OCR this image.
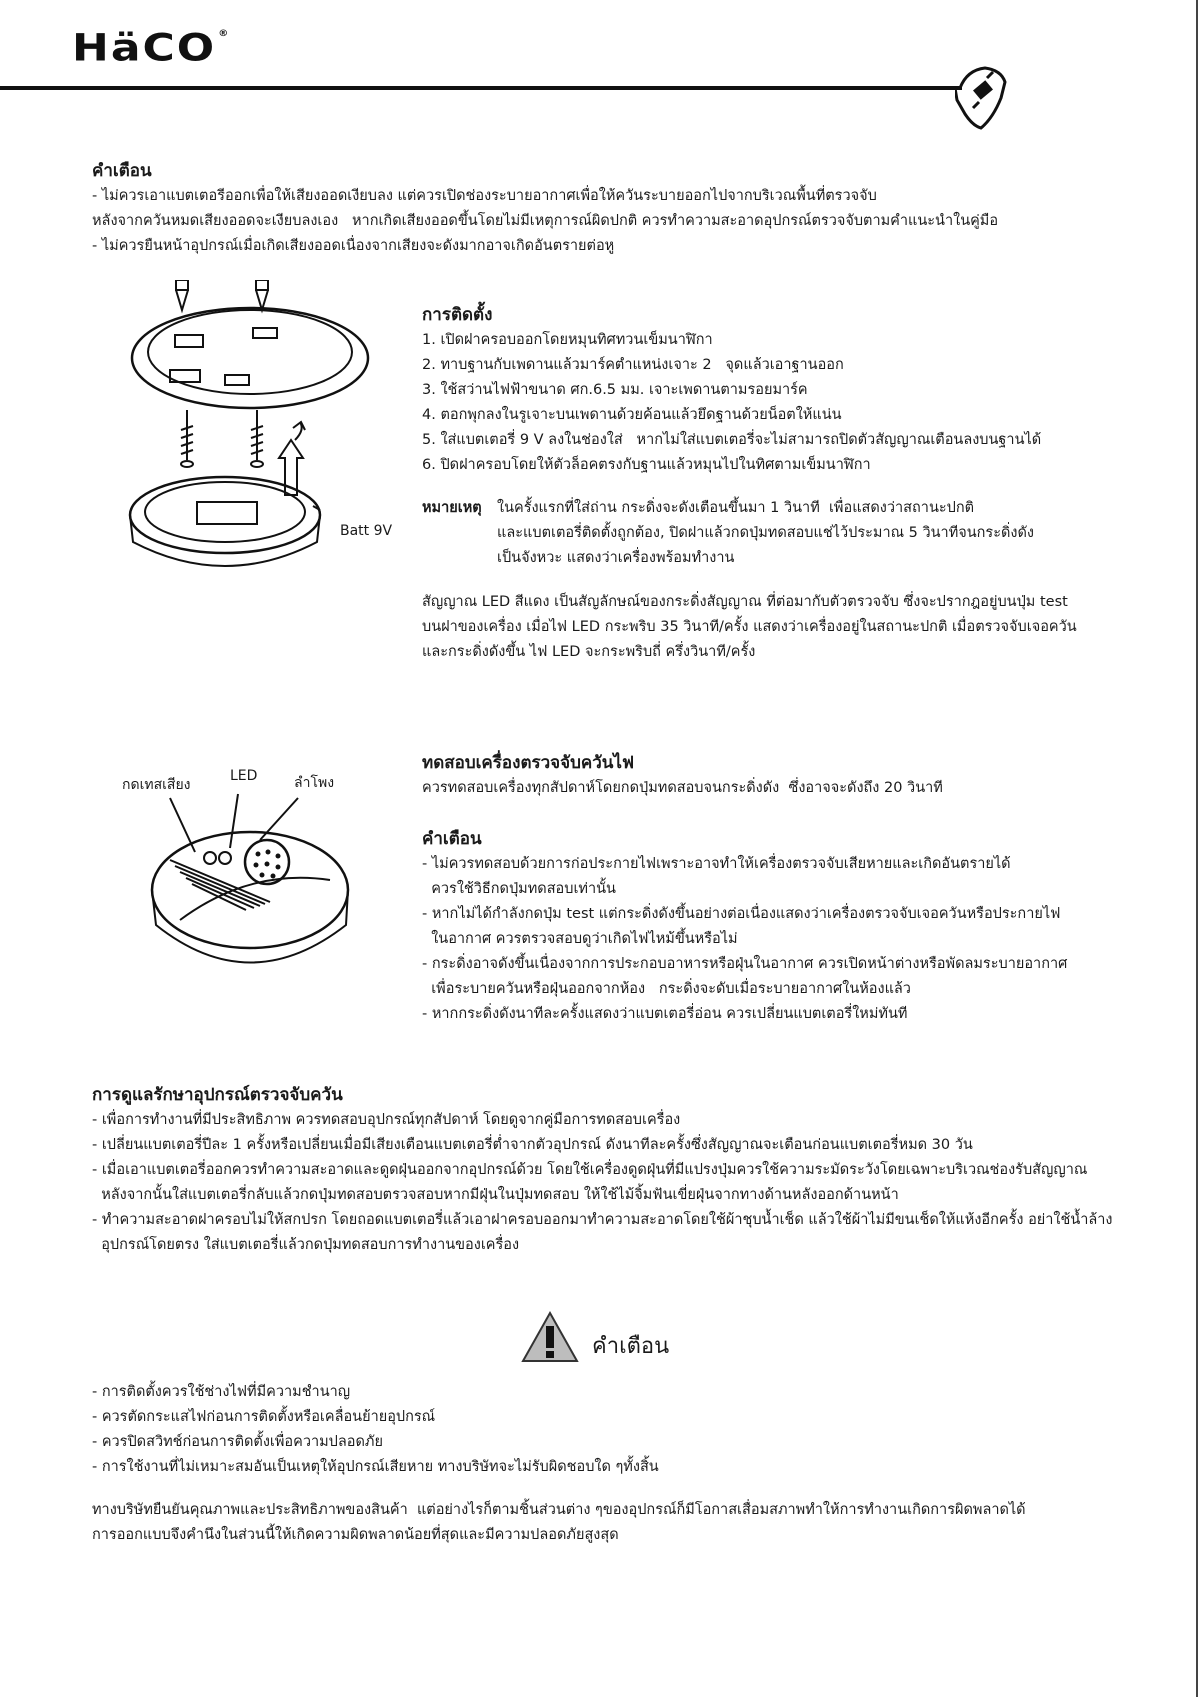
HäCO ®
คำเตือน
- ไม่ควรเอาแบตเตอรีออกเพื่อให้เสียงออดเงียบลง แต่ควรเปิดช่องระบายอากาศเพื่อให้ควันระบายออกไปจากบริเวณพื้นที่ตรวจจับ
หลังจากควันหมดเสียงออดจะเงียบลงเอง   หากเกิดเสียงออดขึ้นโดยไม่มีเหตุการณ์ผิดปกติ ควรทำความสะอาดอุปกรณ์ตรวจจับตามคำแนะนำในคู่มือ
- ไม่ควรยืนหน้าอุปกรณ์เมื่อเกิดเสียงออดเนื่องจากเสียงจะดังมากอาจเกิดอันตรายต่อหู
Batt 9V
การติดตั้ง
1. เปิดฝาครอบออกโดยหมุนทิศทวนเข็มนาฬิกา
2. ทาบฐานกับเพดานแล้วมาร์คตำแหน่งเจาะ 2   จุดแล้วเอาฐานออก
3. ใช้สว่านไฟฟ้าขนาด ศก.6.5 มม. เจาะเพดานตามรอยมาร์ค
4. ตอกพุกลงในรูเจาะบนเพดานด้วยค้อนแล้วยึดฐานด้วยน็อตให้แน่น
5. ใส่แบตเตอรี่ 9 V ลงในช่องใส่   หากไม่ใส่แบตเตอรี่จะไม่สามารถปิดตัวสัญญาณเตือนลงบนฐานได้
6. ปิดฝาครอบโดยให้ตัวล็อคตรงกับฐานแล้วหมุนไปในทิศตามเข็มนาฬิกา
หมายเหตุ ในครั้งแรกที่ใส่ถ่าน กระดิ่งจะดังเตือนขึ้นมา 1 วินาที  เพื่อแสดงว่าสถานะปกติ
และแบตเตอรี่ติดตั้งถูกต้อง, ปิดฝาแล้วกดปุ่มทดสอบแช่ไว้ประมาณ 5 วินาทีจนกระดิ่งดัง
เป็นจังหวะ แสดงว่าเครื่องพร้อมทำงาน
สัญญาณ LED สีแดง เป็นสัญลักษณ์ของกระดิ่งสัญญาณ ที่ต่อมากับตัวตรวจจับ ซึ่งจะปรากฎอยู่บนปุ่ม test
บนฝาของเครื่อง เมื่อไฟ LED กระพริบ 35 วินาที/ครั้ง แสดงว่าเครื่องอยู่ในสถานะปกติ เมื่อตรวจจับเจอควัน
และกระดิ่งดังขึ้น ไฟ LED จะกระพริบถี่ ครึ่งวินาที/ครั้ง
กดเทสเสียง
LED	ลำโพง
ทดสอบเครื่องตรวจจับควันไฟ
ควรทดสอบเครื่องทุกสัปดาห์โดยกดปุ่มทดสอบจนกระดิ่งดัง  ซึ่งอาจจะดังถึง 20 วินาที
คำเตือน
- ไม่ควรทดสอบด้วยการก่อประกายไฟเพราะอาจทำให้เครื่องตรวจจับเสียหายและเกิดอันตรายได้
ควรใช้วิธีกดปุ่มทดสอบเท่านั้น
- หากไม่ได้กำลังกดปุ่ม test แต่กระดิ่งดังขึ้นอย่างต่อเนื่องแสดงว่าเครื่องตรวจจับเจอควันหรือประกายไฟ
ในอากาศ ควรตรวจสอบดูว่าเกิดไฟไหม้ขึ้นหรือไม่
- กระดิ่งอาจดังขึ้นเนื่องจากการประกอบอาหารหรือฝุ่นในอากาศ ควรเปิดหน้าต่างหรือพัดลมระบายอากาศ
เพื่อระบายควันหรือฝุ่นออกจากห้อง   กระดิ่งจะดับเมื่อระบายอากาศในห้องแล้ว
- หากกระดิ่งดังนาทีละครั้งแสดงว่าแบตเตอรี่อ่อน ควรเปลี่ยนแบตเตอรี่ใหม่ทันที
การดูแลรักษาอุปกรณ์ตรวจจับควัน
- เพื่อการทำงานที่มีประสิทธิภาพ ควรทดสอบอุปกรณ์ทุกสัปดาห์ โดยดูจากคู่มือการทดสอบเครื่อง
- เปลี่ยนแบตเตอรี่ปีละ 1 ครั้งหรือเปลี่ยนเมื่อมีเสียงเตือนแบตเตอรี่ต่ำจากตัวอุปกรณ์ ดังนาทีละครั้งซึ่งสัญญาณจะเตือนก่อนแบตเตอรี่หมด 30 วัน
- เมื่อเอาแบตเตอรี่ออกควรทำความสะอาดและดูดฝุ่นออกจากอุปกรณ์ด้วย โดยใช้เครื่องดูดฝุ่นที่มีแปรงปุ่มควรใช้ความระมัดระวังโดยเฉพาะบริเวณช่องรับสัญญาณ
หลังจากนั้นใส่แบตเตอรี่กลับแล้วกดปุ่มทดสอบตรวจสอบหากมีฝุ่นในปุ่มทดสอบ ให้ใช้ไม้จิ้มฟันเขี่ยฝุ่นจากทางด้านหลังออกด้านหน้า
- ทำความสะอาดฝาครอบไม่ให้สกปรก โดยถอดแบตเตอรี่แล้วเอาฝาครอบออกมาทำความสะอาดโดยใช้ผ้าชุบน้ำเช็ด แล้วใช้ผ้าไม่มีขนเช็ดให้แห้งอีกครั้ง อย่าใช้น้ำล้าง
อุปกรณ์โดยตรง ใส่แบตเตอรี่แล้วกดปุ่มทดสอบการทำงานของเครื่อง
คำเตือน
- การติดตั้งควรใช้ช่างไฟที่มีความชำนาญ
- ควรตัดกระแสไฟก่อนการติดตั้งหรือเคลื่อนย้ายอุปกรณ์
- ควรปิดสวิทช์ก่อนการติดตั้งเพื่อความปลอดภัย
- การใช้งานที่ไม่เหมาะสมอันเป็นเหตุให้อุปกรณ์เสียหาย ทางบริษัทจะไม่รับผิดชอบใด ๆทั้งสิ้น
ทางบริษัทยืนยันคุณภาพและประสิทธิภาพของสินค้า  แต่อย่างไรก็ตามชิ้นส่วนต่าง ๆของอุปกรณ์ก็มีโอกาสเสื่อมสภาพทำให้การทำงานเกิดการผิดพลาดได้
การออกแบบจึงคำนึงในส่วนนี้ให้เกิดความผิดพลาดน้อยที่สุดและมีความปลอดภัยสูงสุด
